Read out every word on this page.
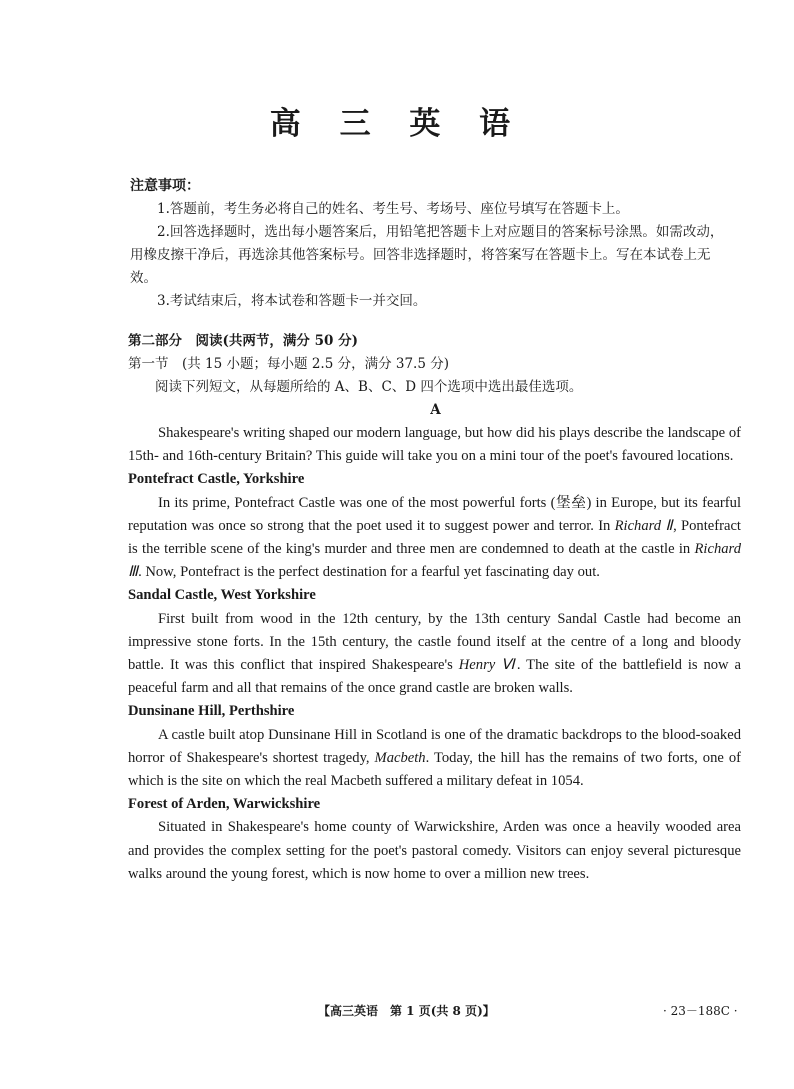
高 三 英 语
注意事项：

1.答题前，考生务必将自己的姓名、考生号、考场号、座位号填写在答题卡上。

2.回答选择题时，选出每小题答案后，用铅笔把答题卡上对应题目的答案标号涂黑。如需改动，用橡皮擦干净后，再选涂其他答案标号。回答非选择题时，将答案写在答题卡上。写在本试卷上无效。

3.考试结束后，将本试卷和答题卡一并交回。

第二部分　阅读(共两节，满分 50 分)

第一节　(共 15 小题；每小题 2.5 分，满分 37.5 分)

阅读下列短文，从每题所给的 A、B、C、D 四个选项中选出最佳选项。

A

Shakespeare's writing shaped our modern language, but how did his plays describe the landscape of 15th- and 16th-century Britain? This guide will take you on a mini tour of the poet's favoured locations.

Pontefract Castle, Yorkshire

In its prime, Pontefract Castle was one of the most powerful forts (堡垒) in Europe, but its fearful reputation was once so strong that the poet used it to suggest power and terror. In Richard Ⅱ, Pontefract is the terrible scene of the king's murder and three men are condemned to death at the castle in Richard Ⅲ. Now, Pontefract is the perfect destination for a fearful yet fascinating day out.

Sandal Castle, West Yorkshire

First built from wood in the 12th century, by the 13th century Sandal Castle had become an impressive stone forts. In the 15th century, the castle found itself at the centre of a long and bloody battle. It was this conflict that inspired Shakespeare's Henry Ⅵ. The site of the battlefield is now a peaceful farm and all that remains of the once grand castle are broken walls.

Dunsinane Hill, Perthshire

A castle built atop Dunsinane Hill in Scotland is one of the dramatic backdrops to the blood-soaked horror of Shakespeare's shortest tragedy, Macbeth. Today, the hill has the remains of two forts, one of which is the site on which the real Macbeth suffered a military defeat in 1054.

Forest of Arden, Warwickshire

Situated in Shakespeare's home county of Warwickshire, Arden was once a heavily wooded area and provides the complex setting for the poet's pastoral comedy. Visitors can enjoy several picturesque walks around the young forest, which is now home to over a million new trees.

【高三英语　第 1 页(共 8 页)】	· 23－188C ·
